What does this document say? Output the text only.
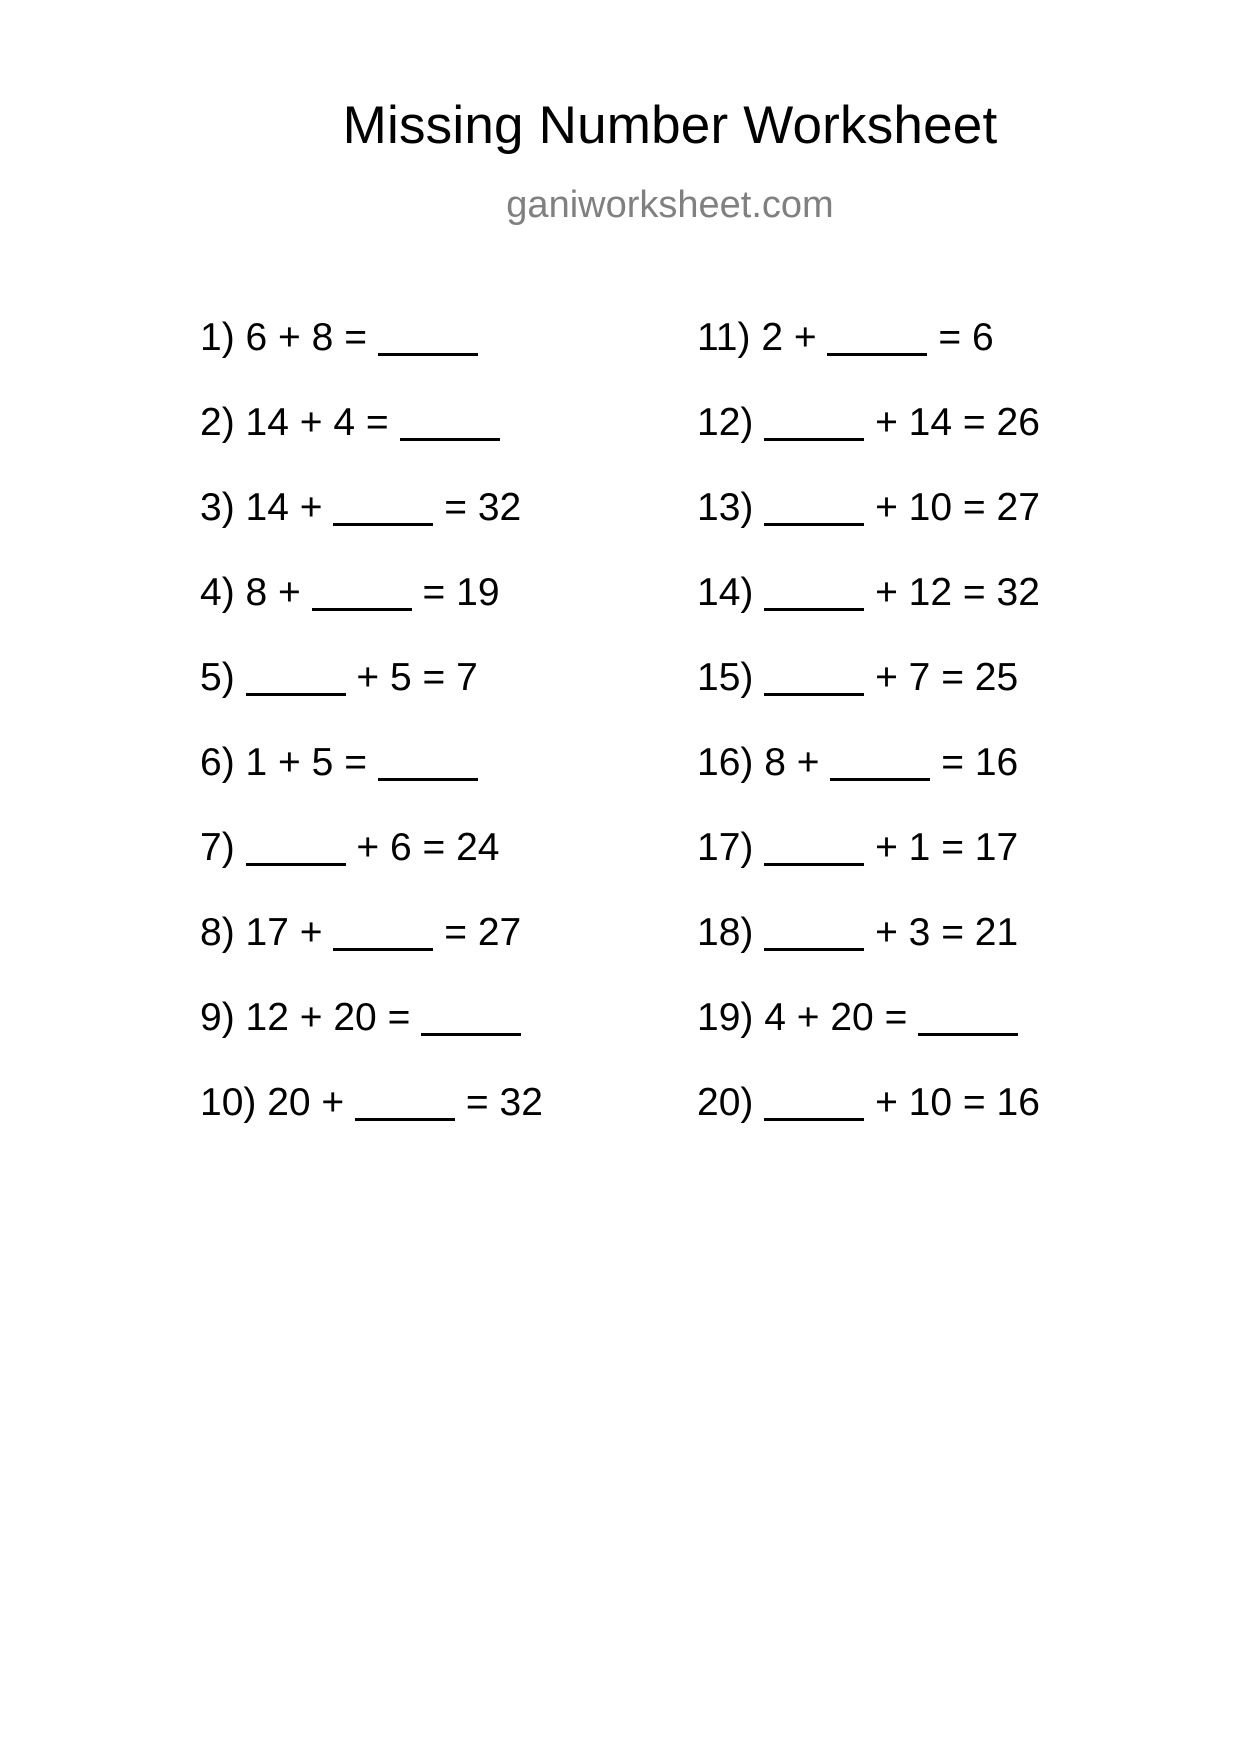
Missing Number Worksheet
ganiworksheet.com
1) 6 + 8 =
2) 14 + 4 =
3) 14 +	= 32
4) 8 +	= 19
5)	+ 5 = 7
6) 1 + 5 =
7)	+ 6 = 24
8) 17 +	= 27
9) 12 + 20 =
10) 20 +	= 32
11) 2 +	= 6
12)	+ 14 = 26
13)	+ 10 = 27
14)	+ 12 = 32
15)	+ 7 = 25
16) 8 +	= 16
17)	+ 1 = 17
18)	+ 3 = 21
19) 4 + 20 =
20)	+ 10 = 16
